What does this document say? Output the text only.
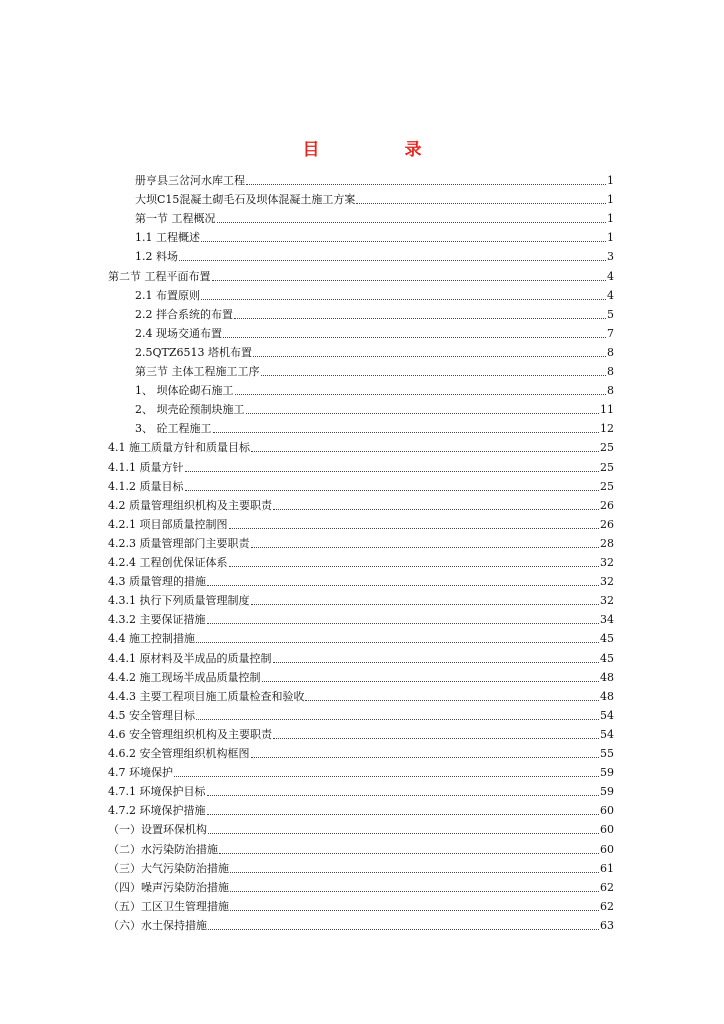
目　录
册亨县三岔河水库工程	1
大坝C15混凝土砌毛石及坝体混凝土施工方案	1
第一节 工程概况	1
1.1 工程概述	1
1.2 料场	3
第二节 工程平面布置	4
2.1 布置原则	4
2.2 拌合系统的布置	5
2.4 现场交通布置	7
2.5QTZ6513 塔机布置	8
第三节 主体工程施工工序	8
1、 坝体砼砌石施工	8
2、 坝壳砼预制块施工	11
3、 砼工程施工	12
4.1 施工质量方针和质量目标	25
4.1.1 质量方针	25
4.1.2 质量目标	25
4.2 质量管理组织机构及主要职责	26
4.2.1 项目部质量控制图	26
4.2.3 质量管理部门主要职责	28
4.2.4 工程创优保证体系	32
4.3 质量管理的措施	32
4.3.1 执行下列质量管理制度	32
4.3.2 主要保证措施	34
4.4 施工控制措施	45
4.4.1 原材料及半成品的质量控制	45
4.4.2 施工现场半成品质量控制	48
4.4.3 主要工程项目施工质量检查和验收	48
4.5 安全管理目标	54
4.6 安全管理组织机构及主要职责	54
4.6.2 安全管理组织机构框图	55
4.7 环境保护	59
4.7.1 环境保护目标	59
4.7.2 环境保护措施	60
（一）设置环保机构	60
（二）水污染防治措施	60
（三）大气污染防治措施	61
（四）噪声污染防治措施	62
（五）工区卫生管理措施	62
（六）水土保持措施	63
